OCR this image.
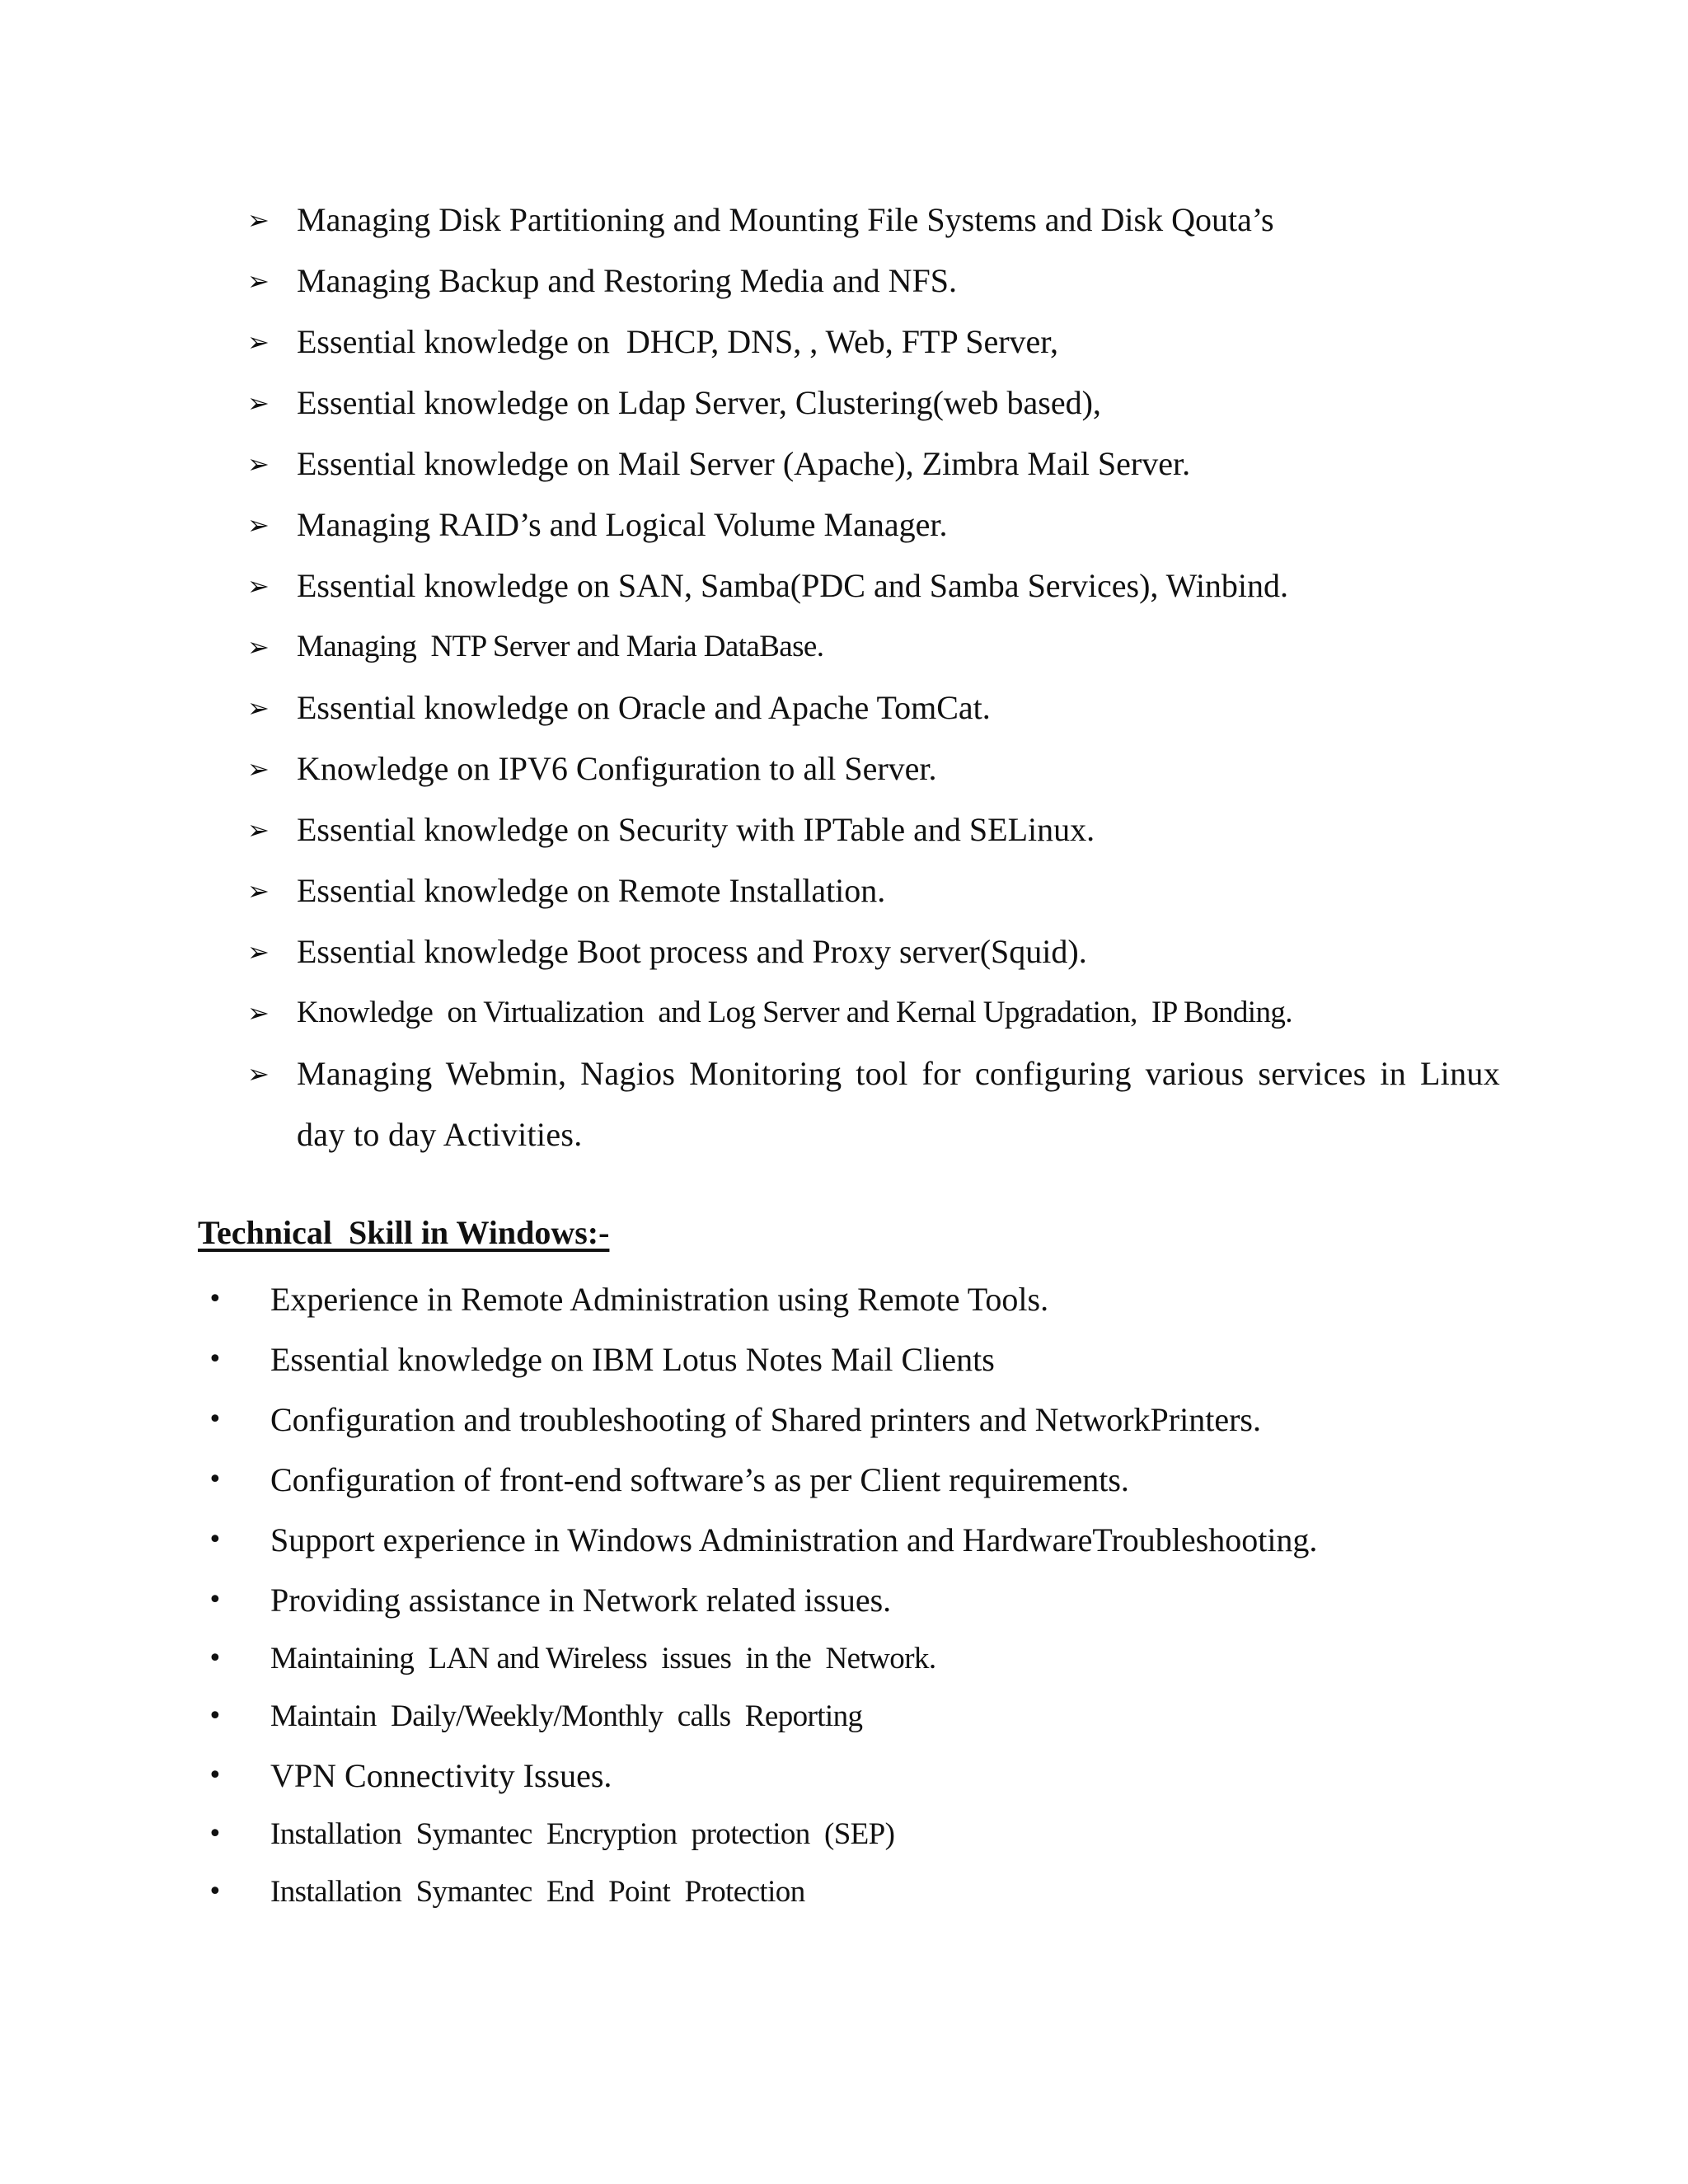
➢ Managing Disk Partitioning and Mounting File Systems and Disk Qouta’s
➢ Managing Backup and Restoring Media and NFS.
➢ Essential knowledge on  DHCP, DNS, , Web, FTP Server,
➢ Essential knowledge on Ldap Server, Clustering(web based),
➢ Essential knowledge on Mail Server (Apache), Zimbra Mail Server.
➢ Managing RAID’s and Logical Volume Manager.
➢ Essential knowledge on SAN, Samba(PDC and Samba Services), Winbind.
➢ Managing  NTP Server and Maria DataBase.
➢ Essential knowledge on Oracle and Apache TomCat.
➢ Knowledge on IPV6 Configuration to all Server.
➢ Essential knowledge on Security with IPTable and SELinux.
➢ Essential knowledge on Remote Installation.
➢ Essential knowledge Boot process and Proxy server(Squid).
➢ Knowledge  on Virtualization  and Log Server and Kernal Upgradation,  IP Bonding.
➢ Managing Webmin, Nagios Monitoring tool for configuring various services in Linux day to day Activities.
Technical  Skill in Windows:-
• Experience in Remote Administration using Remote Tools.
• Essential knowledge on IBM Lotus Notes Mail Clients
• Configuration and troubleshooting of Shared printers and NetworkPrinters.
• Configuration of front-end software’s as per Client requirements.
• Support experience in Windows Administration and HardwareTroubleshooting.
• Providing assistance in Network related issues.
• Maintaining  LAN and Wireless  issues  in the  Network.
• Maintain  Daily/Weekly/Monthly  calls  Reporting
• VPN Connectivity Issues.
• Installation  Symantec  Encryption  protection  (SEP)
• Installation  Symantec  End  Point  Protection
